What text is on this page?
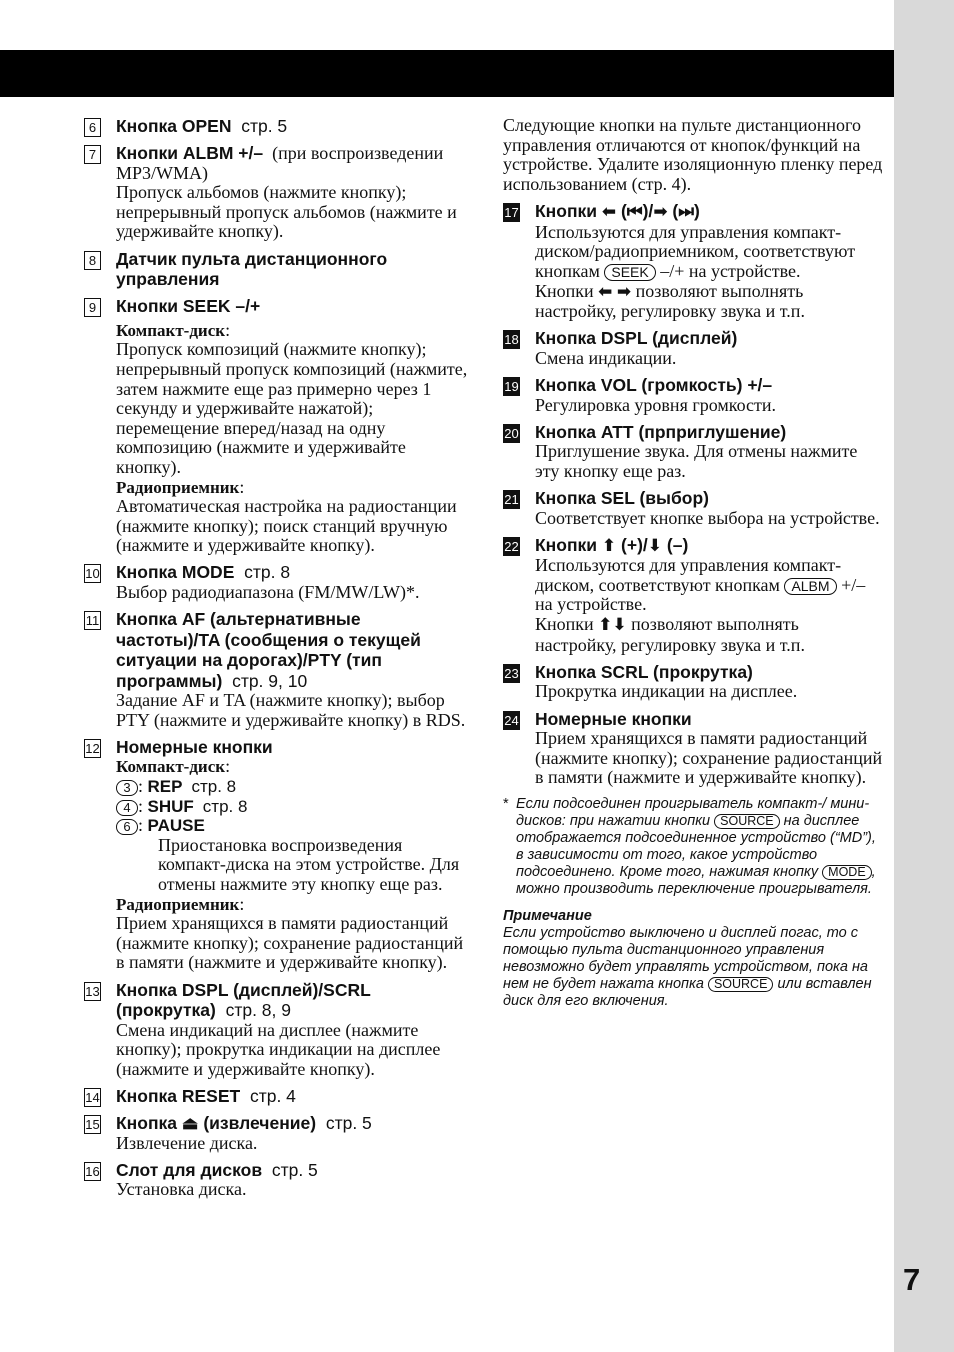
7
6 Кнопка OPEN стр. 5

7 Кнопки ALBM +/– (при воспроизведении MP3/WMA)

Пропуск альбомов (нажмите кнопку); непрерывный пропуск альбомов (нажмите и удерживайте кнопку).

8 Датчик пульта дистанционного управления

9 Кнопки SEEK –/+

Компакт-диск:

Пропуск композиций (нажмите кнопку); непрерывный пропуск композиций (нажмите, затем нажмите еще раз примерно через 1 секунду и удерживайте нажатой); перемещение вперед/назад на одну композицию (нажмите и удерживайте кнопку).

Радиоприемник:

Автоматическая настройка на радиостанции (нажмите кнопку); поиск станций вручную (нажмите и удерживайте кнопку).

10 Кнопка MODE стр. 8

Выбор радиодиапазона (FM/MW/LW)*.

11 Кнопка AF (альтернативные частоты)/TA (сообщения о текущей ситуации на дорогах)/PTY (тип программы) стр. 9, 10

Задание AF и TA (нажмите кнопку); выбор PTY (нажмите и удерживайте кнопку) в RDS.

12 Номерные кнопки

Компакт-диск:

3 : REP стр. 8

4 : SHUF стр. 8

6 : PAUSE

Приостановка воспроизведения компакт-диска на этом устройстве. Для отмены нажмите эту кнопку еще раз.

Радиоприемник:

Прием хранящихся в памяти радиостанций (нажмите кнопку); сохранение радиостанций в памяти (нажмите и удерживайте кнопку).

13 Кнопка DSPL (дисплей)/SCRL (прокрутка) стр. 8, 9

Смена индикаций на дисплее (нажмите кнопку); прокрутка индикации на дисплее (нажмите и удерживайте кнопку).

14 Кнопка RESET стр. 4

15 Кнопка ⏏ (извлечение) стр. 5

Извлечение диска.

16 Слот для дисков стр. 5

Установка диска.

Следующие кнопки на пульте дистанционного управления отличаются от кнопок/функций на устройстве. Удалите изоляционную пленку перед использованием (стр. 4).

17 Кнопки ⬅ (⏮)/➡ (⏭)

Используются для управления компакт-диском/радиоприемником, соответствуют кнопкам SEEK –/+ на устройстве.

Кнопки ⬅ ➡ позволяют выполнять настройку, регулировку звука и т.п.

18 Кнопка DSPL (дисплей)

Смена индикации.

19 Кнопка VOL (громкость) +/–

Регулировка уровня громкости.

20 Кнопка ATT (прприглушение)

Приглушение звука. Для отмены нажмите эту кнопку еще раз.

21 Кнопка SEL (выбор)

Соответствует кнопке выбора на устройстве.

22 Кнопки ⬆ (+)/⬇ (–)

Используются для управления компакт-диском, соответствуют кнопкам ALBM +/– на устройстве.

Кнопки ⬆⬇ позволяют выполнять настройку, регулировку звука и т.п.

23 Кнопка SCRL (прокрутка)

Прокрутка индикации на дисплее.

24 Номерные кнопки

Прием хранящихся в памяти радиостанций (нажмите кнопку); сохранение радиостанций в памяти (нажмите и удерживайте кнопку).

* Если подсоединен проигрыватель компакт-/ мини-дисков: при нажатии кнопки SOURCE на дисплее отображается подсоединенное устройство (“MD”), в зависимости от того, какое устройство подсоединено. Кроме того, нажимая кнопку MODE , можно производить переключение проигрывателя.

Примечание

Если устройство выключено и дисплей погас, то с помощью пульта дистанционного управления невозможно будет управлять устройством, пока на нем не будет нажата кнопка SOURCE или вставлен диск для его включения.
